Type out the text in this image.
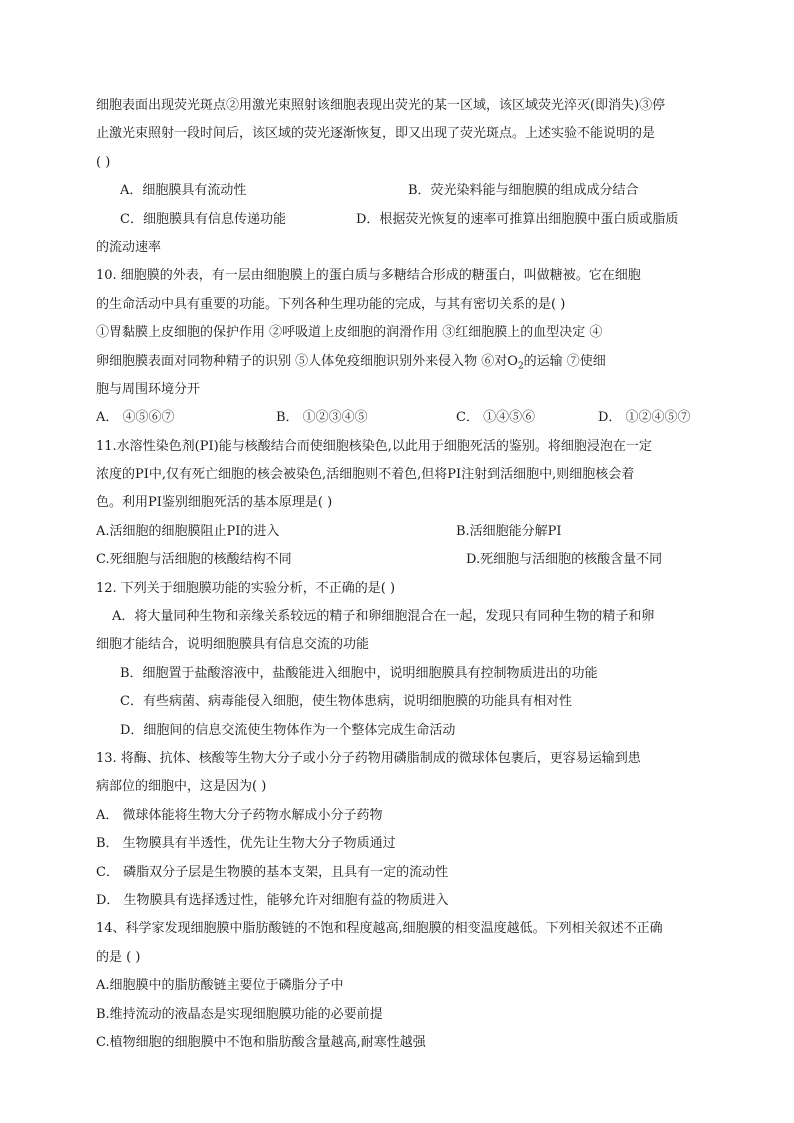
细胞表面出现荧光斑点②用激光束照射该细胞表现出荧光的某一区域，该区域荧光淬灭(即消失)③停
止激光束照射一段时间后，该区域的荧光逐渐恢复，即又出现了荧光斑点。上述实验不能说明的是
( )
A．细胞膜具有流动性	B．荧光染料能与细胞膜的组成成分结合
C．细胞膜具有信息传递功能	D．根据荧光恢复的速率可推算出细胞膜中蛋白质或脂质
的流动速率
10. 细胞膜的外表，有一层由细胞膜上的蛋白质与多糖结合形成的糖蛋白，叫做糖被。它在细胞
的生命活动中具有重要的功能。下列各种生理功能的完成，与其有密切关系的是( )
①胃黏膜上皮细胞的保护作用 ②呼吸道上皮细胞的润滑作用 ③红细胞膜上的血型决定 ④
卵细胞膜表面对同物种精子的识别 ⑤人体免疫细胞识别外来侵入物 ⑥对$O_2$的运输 ⑦使细
胞与周围环境分开
A． ④⑤⑥⑦	B． ①②③④⑤	C． ①④⑤⑥	D． ①②④⑤⑦
11.水溶性染色剂(PI)能与核酸结合而使细胞核染色,以此用于细胞死活的鉴别。将细胞浸泡在一定
浓度的PI中,仅有死亡细胞的核会被染色,活细胞则不着色,但将PI注射到活细胞中,则细胞核会着
色。利用PI鉴别细胞死活的基本原理是( )
A.活细胞的细胞膜阻止PI的进入	B.活细胞能分解PI
C.死细胞与活细胞的核酸结构不同	D.死细胞与活细胞的核酸含量不同
12. 下列关于细胞膜功能的实验分析，不正确的是( )
A．将大量同种生物和亲缘关系较远的精子和卵细胞混合在一起，发现只有同种生物的精子和卵
细胞才能结合，说明细胞膜具有信息交流的功能
B．细胞置于盐酸溶液中，盐酸能进入细胞中，说明细胞膜具有控制物质进出的功能
C．有些病菌、病毒能侵入细胞，使生物体患病，说明细胞膜的功能具有相对性
D．细胞间的信息交流使生物体作为一个整体完成生命活动
13. 将酶、抗体、核酸等生物大分子或小分子药物用磷脂制成的微球体包裹后，更容易运输到患
病部位的细胞中，这是因为( )
A． 微球体能将生物大分子药物水解成小分子药物
B． 生物膜具有半透性，优先让生物大分子物质通过
C． 磷脂双分子层是生物膜的基本支架，且具有一定的流动性
D． 生物膜具有选择透过性，能够允许对细胞有益的物质进入
14、科学家发现细胞膜中脂肪酸链的不饱和程度越高,细胞膜的相变温度越低。下列相关叙述不正确
的是 ( )
A.细胞膜中的脂肪酸链主要位于磷脂分子中
B.维持流动的液晶态是实现细胞膜功能的必要前提
C.植物细胞的细胞膜中不饱和脂肪酸含量越高,耐寒性越强
